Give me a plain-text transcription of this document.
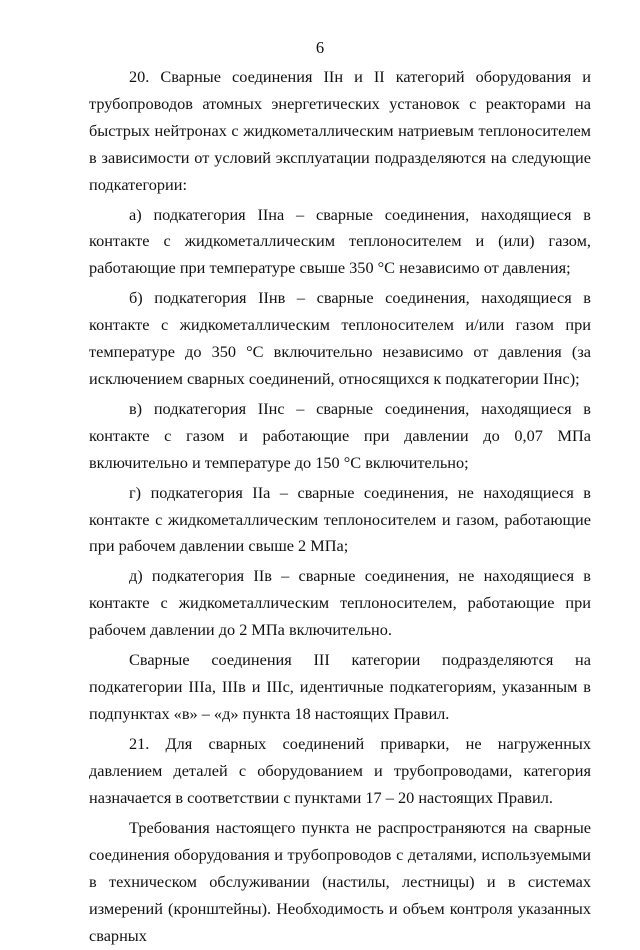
6

20. Сварные соединения IIн и II категорий оборудования и трубопроводов атомных энергетических установок с реакторами на быстрых нейтронах с жидкометаллическим натриевым теплоносителем в зависимости от условий эксплуатации подразделяются на следующие подкатегории:

а) подкатегория IIна – сварные соединения, находящиеся в контакте с жидкометаллическим теплоносителем и (или) газом, работающие при температуре свыше 350 °С независимо от давления;

б) подкатегория IIнв – сварные соединения, находящиеся в контакте с жидкометаллическим теплоносителем и/или газом при температуре до 350 °С включительно независимо от давления (за исключением сварных соединений, относящихся к подкатегории IIнс);

в) подкатегория IIнс – сварные соединения, находящиеся в контакте с газом и работающие при давлении до 0,07 МПа включительно и температуре до 150 °С включительно;

г) подкатегория IIа – сварные соединения, не находящиеся в контакте с жидкометаллическим теплоносителем и газом, работающие при рабочем давлении свыше 2 МПа;

д) подкатегория IIв – сварные соединения, не находящиеся в контакте с жидкометаллическим теплоносителем, работающие при рабочем давлении до 2 МПа включительно.

Сварные соединения III категории подразделяются на подкатегории IIIа, IIIв и IIIс, идентичные подкатегориям, указанным в подпунктах «в» – «д» пункта 18 настоящих Правил.

21. Для сварных соединений приварки, не нагруженных давлением деталей с оборудованием и трубопроводами, категория назначается в соответствии с пунктами 17 – 20 настоящих Правил.

Требования настоящего пункта не распространяются на сварные соединения оборудования и трубопроводов с деталями, используемыми в техническом обслуживании (настилы, лестницы) и в системах измерений (кронштейны). Необходимость и объем контроля указанных сварных
